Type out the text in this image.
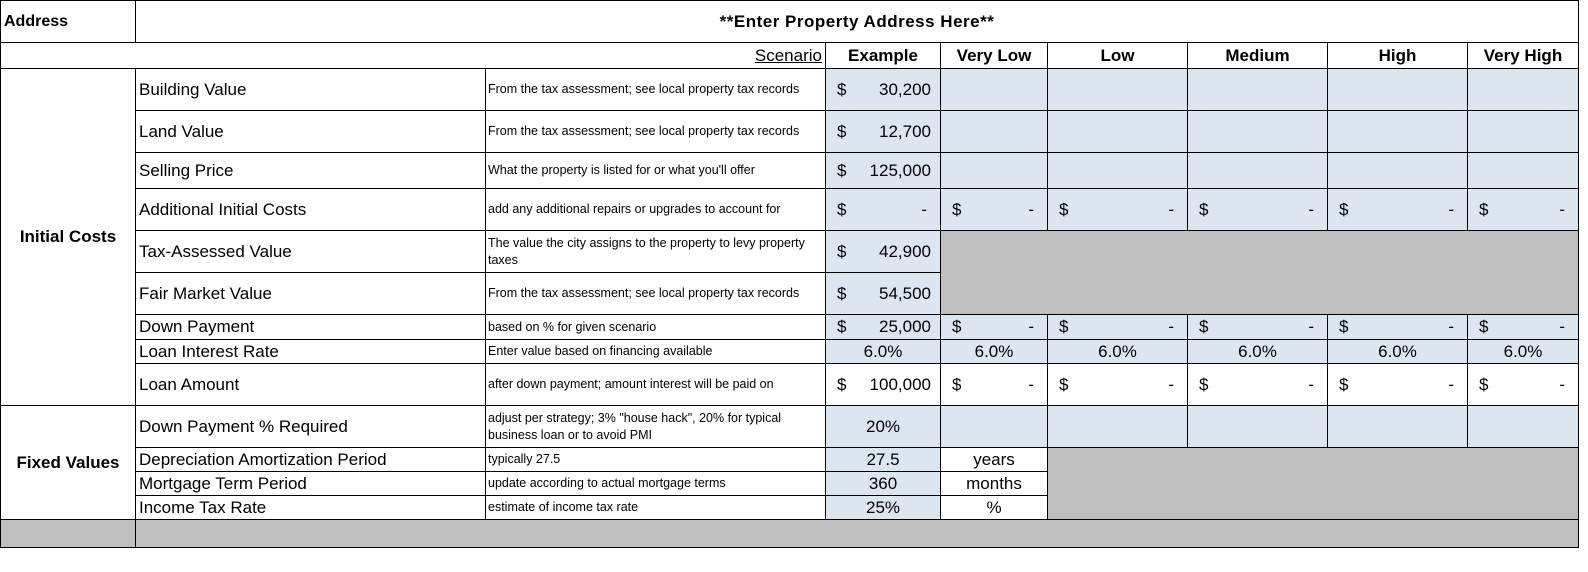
Address	**Enter Property Address Here**							
Scenario			Example	Very Low	Low	Medium	High	Very High
Initial Costs	Building Value	From the tax assessment; see local property tax records	$ 30,200					

	Land Value	From the tax assessment; see local property tax records	$ 12,700					

	Selling Price	What the property is listed for or what you'll offer	$ 125,000					

	Additional Initial Costs	add any additional repairs or upgrades to account for	$ -	$ -	$ -	$ -	$ -	$ -

	Tax-Assessed Value	The value the city assigns to the property to levy property taxes	$ 42,900					

	Fair Market Value	From the tax assessment; see local property tax records	$ 54,500					

	Down Payment	based on % for given scenario	$ 25,000	$ -	$ -	$ -	$ -	$ -

	Loan Interest Rate	Enter value based on financing available	6.0%	6.0%	6.0%	6.0%	6.0%	6.0%
	Loan Amount	after down payment; amount interest will be paid on	$ 100,000	$ -	$ -	$ -	$ -	$ -

Fixed Values	Down Payment % Required	adjust per strategy; 3% "house hack", 20% for typical business loan or to avoid PMI	20%					
	Depreciation Amortization Period	typically 27.5	27.5	years				
	Mortgage Term Period	update according to actual mortgage terms	360	months				
	Income Tax Rate	estimate of income tax rate	25%	%				
